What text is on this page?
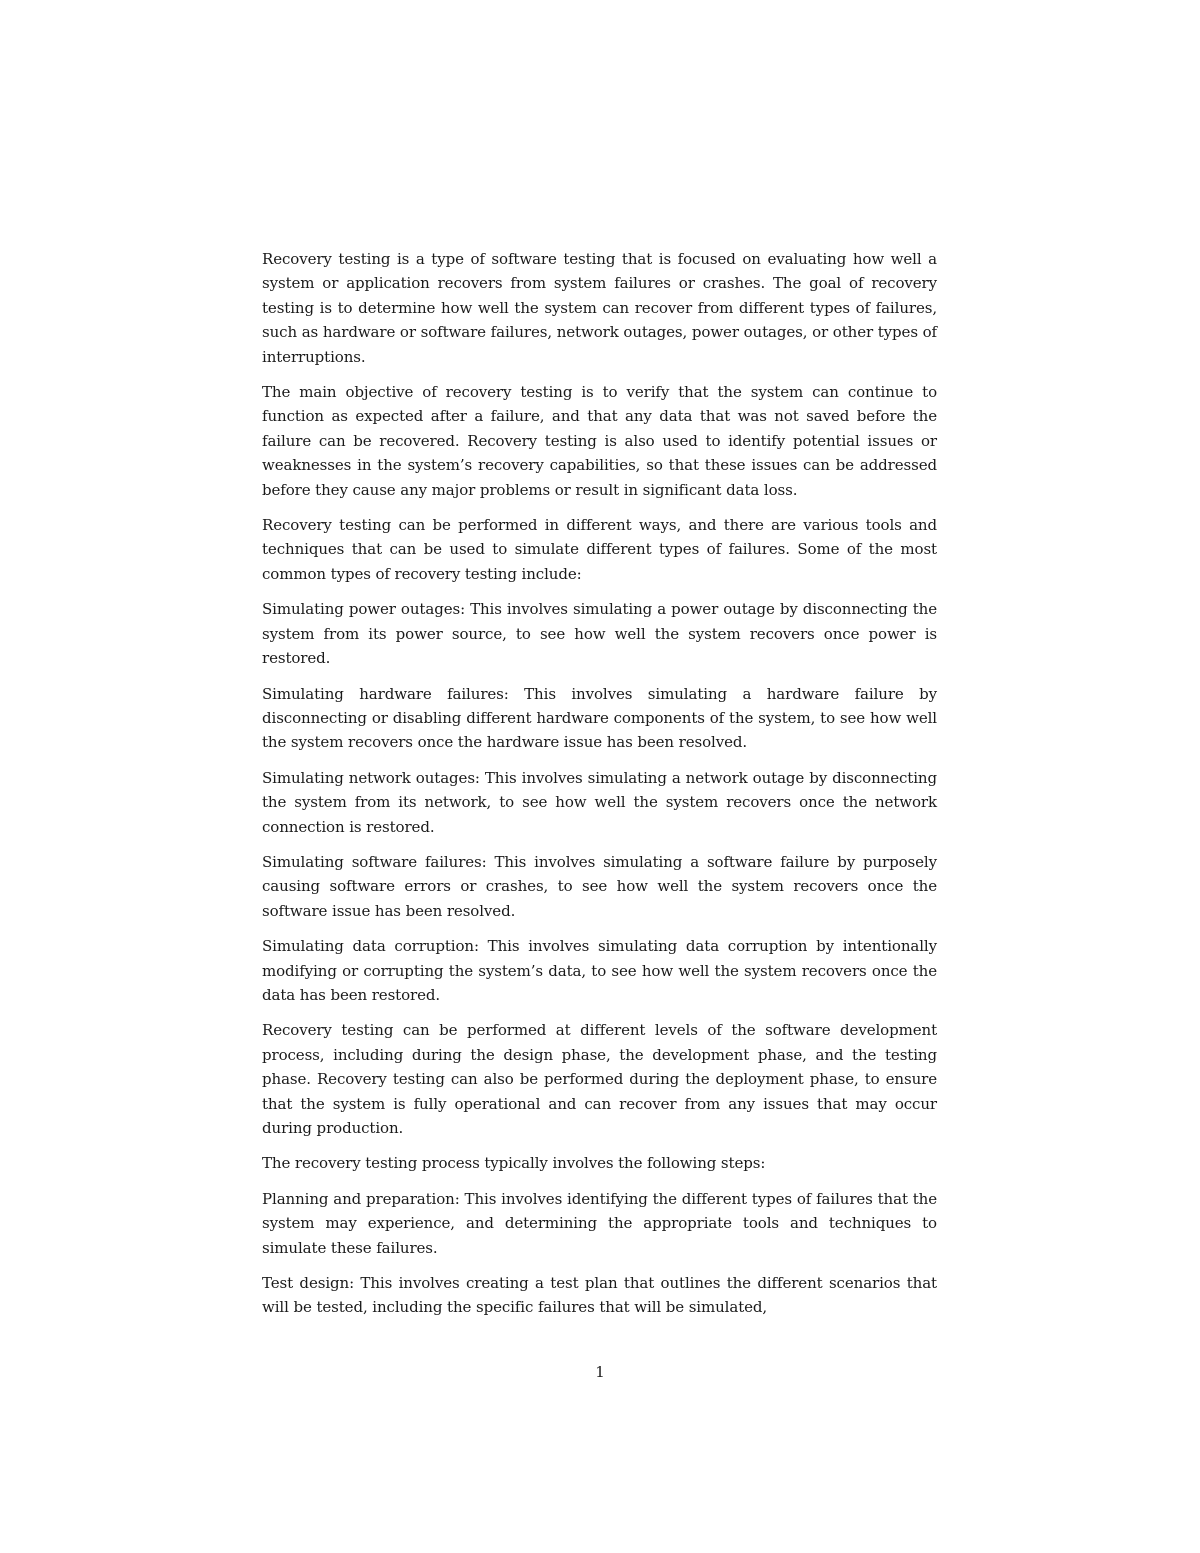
Recovery testing is a type of software testing that is focused on evaluating how well a system or application recovers from system failures or crashes. The goal of recovery testing is to determine how well the system can recover from different types of failures, such as hardware or software failures, network outages, power outages, or other types of interruptions.

The main objective of recovery testing is to verify that the system can continue to function as expected after a failure, and that any data that was not saved before the failure can be recovered. Recovery testing is also used to identify potential issues or weaknesses in the system’s recovery capabilities, so that these issues can be addressed before they cause any major problems or result in significant data loss.

Recovery testing can be performed in different ways, and there are various tools and techniques that can be used to simulate different types of failures. Some of the most common types of recovery testing include:

Simulating power outages: This involves simulating a power outage by disconnecting the system from its power source, to see how well the system recovers once power is restored.

Simulating hardware failures: This involves simulating a hardware failure by disconnecting or disabling different hardware components of the system, to see how well the system recovers once the hardware issue has been resolved.

Simulating network outages: This involves simulating a network outage by disconnecting the system from its network, to see how well the system recovers once the network connection is restored.

Simulating software failures: This involves simulating a software failure by purposely causing software errors or crashes, to see how well the system recovers once the software issue has been resolved.

Simulating data corruption: This involves simulating data corruption by intentionally modifying or corrupting the system’s data, to see how well the system recovers once the data has been restored.

Recovery testing can be performed at different levels of the software development process, including during the design phase, the development phase, and the testing phase. Recovery testing can also be performed during the deployment phase, to ensure that the system is fully operational and can recover from any issues that may occur during production.

The recovery testing process typically involves the following steps:

Planning and preparation: This involves identifying the different types of failures that the system may experience, and determining the appropriate tools and techniques to simulate these failures.

Test design: This involves creating a test plan that outlines the different scenarios that will be tested, including the specific failures that will be simulated,

1
